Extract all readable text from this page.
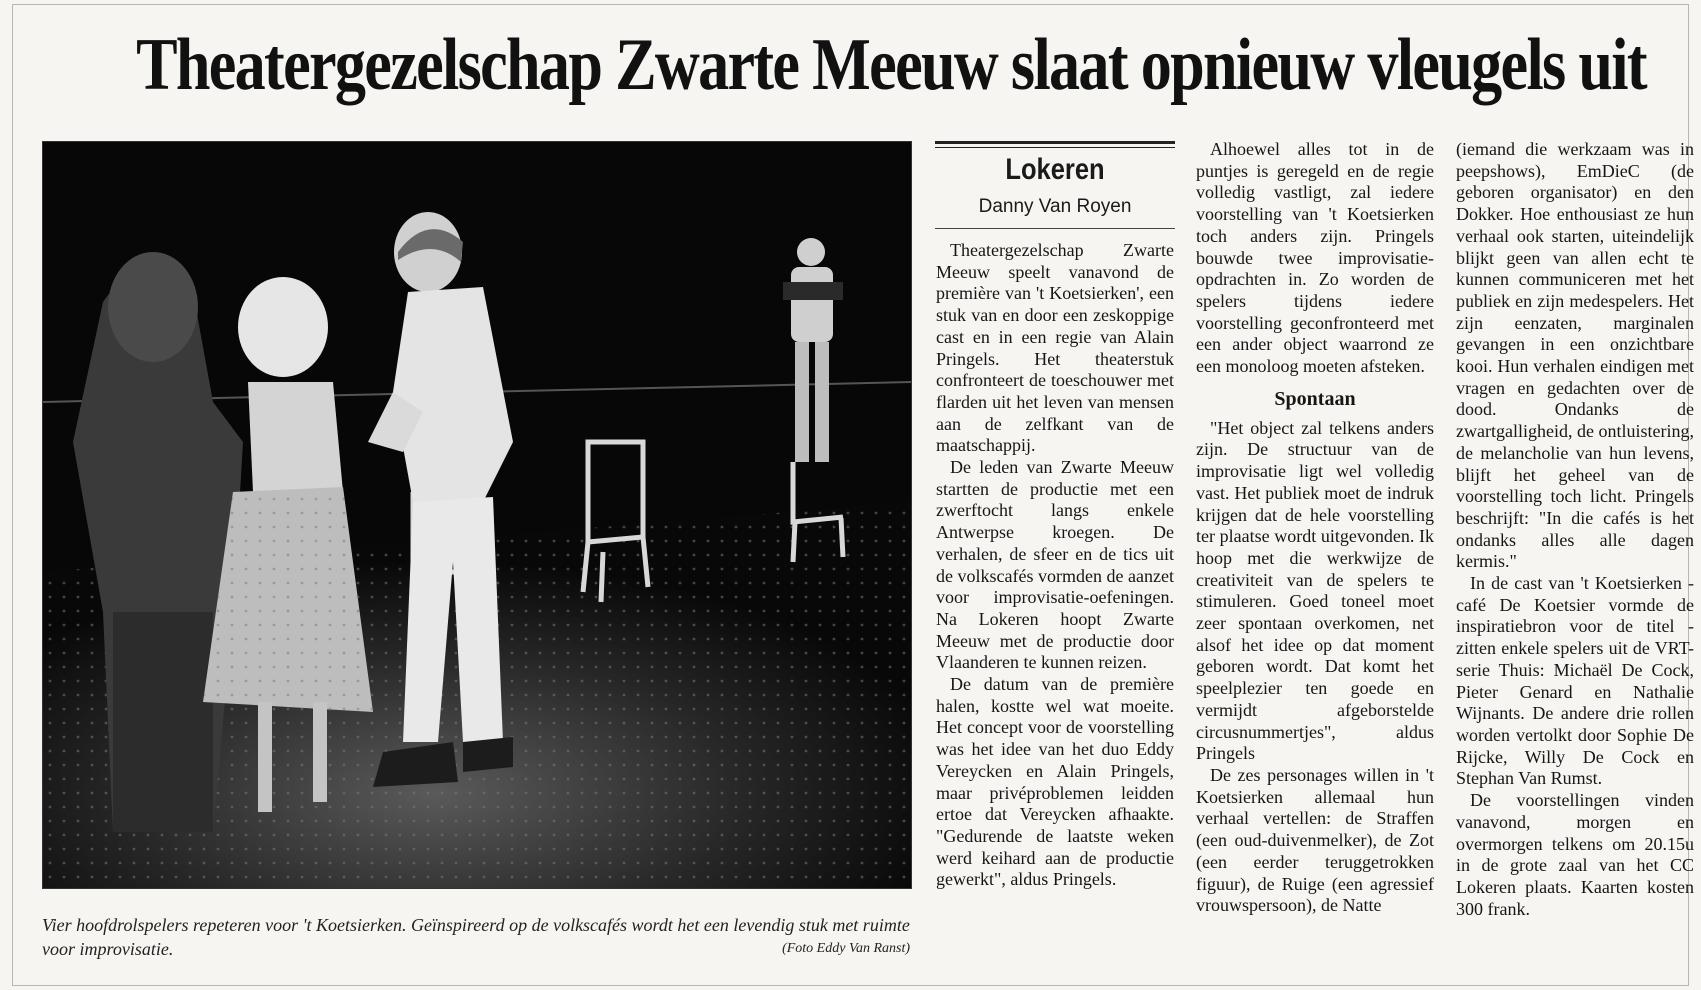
Theatergezelschap Zwarte Meeuw slaat opnieuw vleugels uit
Vier hoofdrolspelers repeteren voor 't Koetsierken. Geïnspireerd op de volkscafés wordt het een levendig stuk met ruimte voor improvisatie.	(Foto Eddy Van Ranst)
Lokeren
Danny Van Royen

Theatergezelschap Zwarte Meeuw speelt vanavond de première van 't Koetsierken', een stuk van en door een zeskoppige cast en in een regie van Alain Pringels. Het theaterstuk confronteert de toeschouwer met flarden uit het leven van mensen aan de zelfkant van de maatschappij.

De leden van Zwarte Meeuw startten de productie met een zwerftocht langs enkele Antwerpse kroegen. De verhalen, de sfeer en de tics uit de volkscafés vormden de aanzet voor improvisatie-oefeningen. Na Lokeren hoopt Zwarte Meeuw met de productie door Vlaanderen te kunnen reizen.

De datum van de première halen, kostte wel wat moeite. Het concept voor de voorstelling was het idee van het duo Eddy Vereycken en Alain Pringels, maar privéproblemen leidden ertoe dat Vereycken afhaakte. "Gedurende de laatste weken werd keihard aan de productie gewerkt", aldus Pringels.

Alhoewel alles tot in de puntjes is geregeld en de regie volledig vastligt, zal iedere voorstelling van 't Koetsierken toch anders zijn. Pringels bouwde twee improvisatie-opdrachten in. Zo worden de spelers tijdens iedere voorstelling geconfronteerd met een ander object waarrond ze een monoloog moeten afsteken.

Spontaan

"Het object zal telkens anders zijn. De structuur van de improvisatie ligt wel volledig vast. Het publiek moet de indruk krijgen dat de hele voorstelling ter plaatse wordt uitgevonden. Ik hoop met die werkwijze de creativiteit van de spelers te stimuleren. Goed toneel moet zeer spontaan overkomen, net alsof het idee op dat moment geboren wordt. Dat komt het speelplezier ten goede en vermijdt afgeborstelde circusnummertjes", aldus Pringels

De zes personages willen in 't Koetsierken allemaal hun verhaal vertellen: de Straffen (een oud-duivenmelker), de Zot (een eerder teruggetrokken figuur), de Ruige (een agressief vrouwspersoon), de Natte

(iemand die werkzaam was in peepshows), EmDieC (de geboren organisator) en den Dokker. Hoe enthousiast ze hun verhaal ook starten, uiteindelijk blijkt geen van allen echt te kunnen communiceren met het publiek en zijn medespelers. Het zijn eenzaten, marginalen gevangen in een onzichtbare kooi. Hun verhalen eindigen met vragen en gedachten over de dood. Ondanks de zwartgalligheid, de ontluistering, de melancholie van hun levens, blijft het geheel van de voorstelling toch licht. Pringels beschrijft: "In die cafés is het ondanks alles alle dagen kermis."

In de cast van 't Koetsierken - café De Koetsier vormde de inspiratiebron voor de titel - zitten enkele spelers uit de VRT-serie Thuis: Michaël De Cock, Pieter Genard en Nathalie Wijnants. De andere drie rollen worden vertolkt door Sophie De Rijcke, Willy De Cock en Stephan Van Rumst.

De voorstellingen vinden vanavond, morgen en overmorgen telkens om 20.15u in de grote zaal van het CC Lokeren plaats. Kaarten kosten 300 frank.
